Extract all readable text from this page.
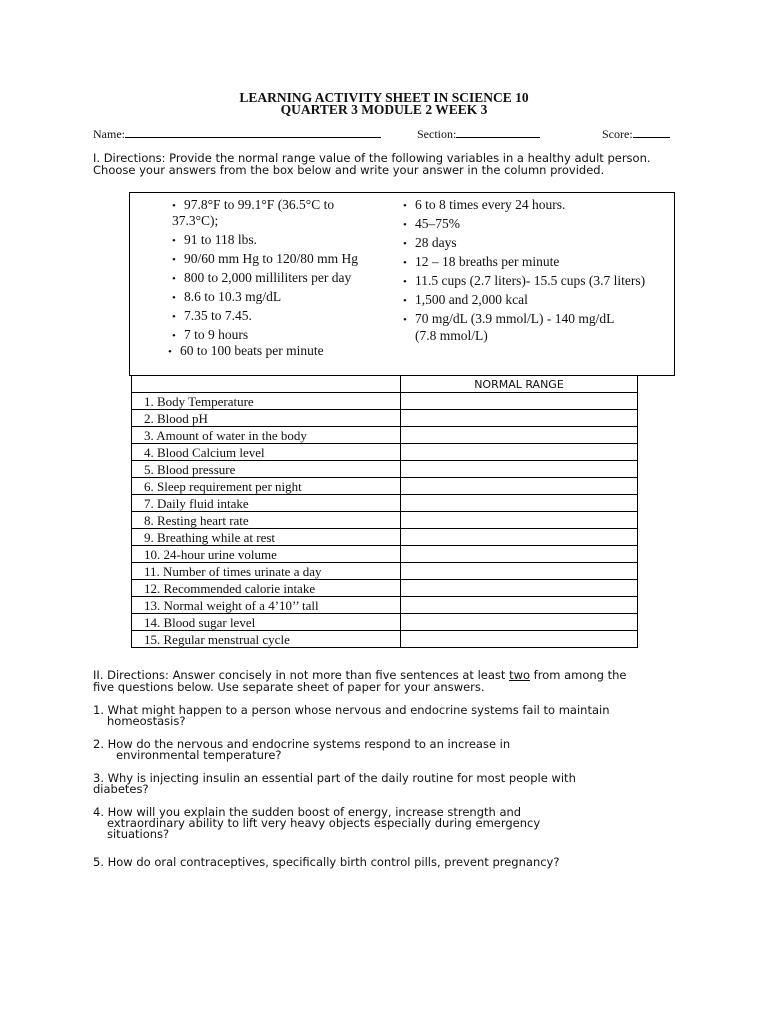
LEARNING ACTIVITY SHEET IN SCIENCE 10
QUARTER 3 MODULE 2 WEEK 3
Name:	Section:	Score:
I. Directions: Provide the normal range value of the following variables in a healthy adult person.
Choose your answers from the box below and write your answer in the column provided.
• 97.8°F to 99.1°F (36.5°C to
37.3°C);
• 91 to 118 lbs.
• 90/60 mm Hg to 120/80 mm Hg
• 800 to 2,000 milliliters per day
• 8.6 to 10.3 mg/dL
• 7.35 to 7.45.
• 7 to 9 hours
• 60 to 100 beats per minute
• 6 to 8 times every 24 hours.
• 45–75%
• 28 days
• 12 – 18 breaths per minute
• 11.5 cups (2.7 liters)- 15.5 cups (3.7 liters)
• 1,500 and 2,000 kcal
• 70 mg/dL (3.9 mmol/L) - 140 mg/dL
(7.8 mmol/L)
	NORMAL RANGE
1. Body Temperature	
2. Blood pH	
3. Amount of water in the body	
4. Blood Calcium level	
5. Blood pressure	
6. Sleep requirement per night	
7. Daily fluid intake	
8. Resting heart rate	
9. Breathing while at rest	
10. 24-hour urine volume	
11. Number of times urinate a day	
12. Recommended calorie intake	
13. Normal weight of a 4’10’’ tall	
14. Blood sugar level	
15. Regular menstrual cycle	
II. Directions: Answer concisely in not more than five sentences at least two from among the
five questions below. Use separate sheet of paper for your answers.
1. What might happen to a person whose nervous and endocrine systems fail to maintain
homeostasis?
2. How do the nervous and endocrine systems respond to an increase in
environmental temperature?
3. Why is injecting insulin an essential part of the daily routine for most people with
diabetes?
4. How will you explain the sudden boost of energy, increase strength and
extraordinary ability to lift very heavy objects especially during emergency
situations?
5. How do oral contraceptives, specifically birth control pills, prevent pregnancy?
